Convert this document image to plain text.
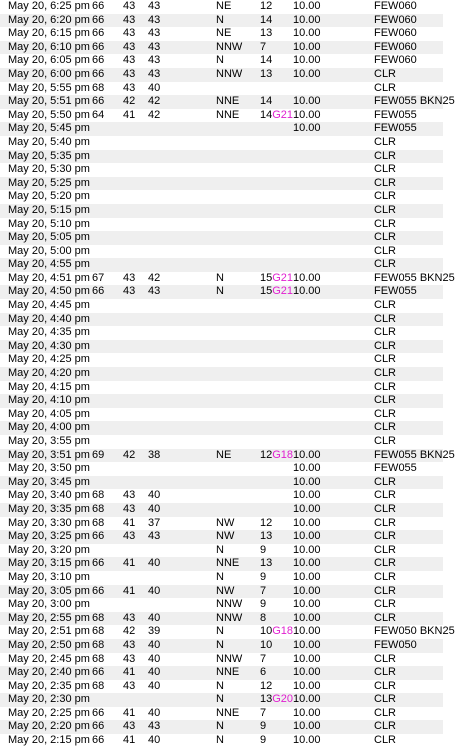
May 20, 6:25 pm 66 43 43	NE	12 10.00	FEW060
May 20, 6:20 pm 66 43 43	N	14 10.00	FEW060
May 20, 6:15 pm 66 43 43	NE	13 10.00	FEW060
May 20, 6:10 pm 66 43 43	NNW 7 10.00	FEW060
May 20, 6:05 pm 66 43 43	N	14 10.00	FEW060
May 20, 6:00 pm 66 43 43	NNW 13 10.00	CLR
May 20, 5:55 pm 68 43 40	CLR
May 20, 5:51 pm 66 42 42	NNE 14 10.00	FEW055 BKN25
May 20, 5:50 pm 64 41 42	NNE 14G21 10.00	FEW055
May 20, 5:45 pm	10.00	FEW055
May 20, 5:40 pm	CLR
May 20, 5:35 pm	CLR
May 20, 5:30 pm	CLR
May 20, 5:25 pm	CLR
May 20, 5:20 pm	CLR
May 20, 5:15 pm	CLR
May 20, 5:10 pm	CLR
May 20, 5:05 pm	CLR
May 20, 5:00 pm	CLR
May 20, 4:55 pm	CLR
May 20, 4:51 pm 67 43 42	N	15G21 10.00	FEW055 BKN25
May 20, 4:50 pm 66 43 43	N	15G21 10.00	FEW055
May 20, 4:45 pm	CLR
May 20, 4:40 pm	CLR
May 20, 4:35 pm	CLR
May 20, 4:30 pm	CLR
May 20, 4:25 pm	CLR
May 20, 4:20 pm	CLR
May 20, 4:15 pm	CLR
May 20, 4:10 pm	CLR
May 20, 4:05 pm	CLR
May 20, 4:00 pm	CLR
May 20, 3:55 pm	CLR
May 20, 3:51 pm 69 42 38	NE	12G18 10.00	FEW055 BKN25
May 20, 3:50 pm	10.00	FEW055
May 20, 3:45 pm	10.00	CLR
May 20, 3:40 pm 68 43 40	10.00	CLR
May 20, 3:35 pm 68 43 40	10.00	CLR
May 20, 3:30 pm 68 41 37	NW 12 10.00	CLR
May 20, 3:25 pm 66 43 43	NW 13 10.00	CLR
May 20, 3:20 pm	N	9 10.00	CLR
May 20, 3:15 pm 66 41 40	NNE 13 10.00	CLR
May 20, 3:10 pm	N	9 10.00	CLR
May 20, 3:05 pm 66 41 40	NW 7 10.00	CLR
May 20, 3:00 pm	NNW 9 10.00	CLR
May 20, 2:55 pm 68 43 40	NNW 8 10.00	CLR
May 20, 2:51 pm 68 42 39	N	10G18 10.00	FEW050 BKN25
May 20, 2:50 pm 68 43 40	N	10 10.00	FEW050
May 20, 2:45 pm 68 43 40	NNW 7 10.00	CLR
May 20, 2:40 pm 66 41 40	NNE 6 10.00	CLR
May 20, 2:35 pm 68 43 40	N	12 10.00	CLR
May 20, 2:30 pm	N	13G20 10.00	CLR
May 20, 2:25 pm 66 41 40	NNE 7 10.00	CLR
May 20, 2:20 pm 66 43 43	N	9 10.00	CLR
May 20, 2:15 pm 66 41 40	N	9 10.00	CLR
